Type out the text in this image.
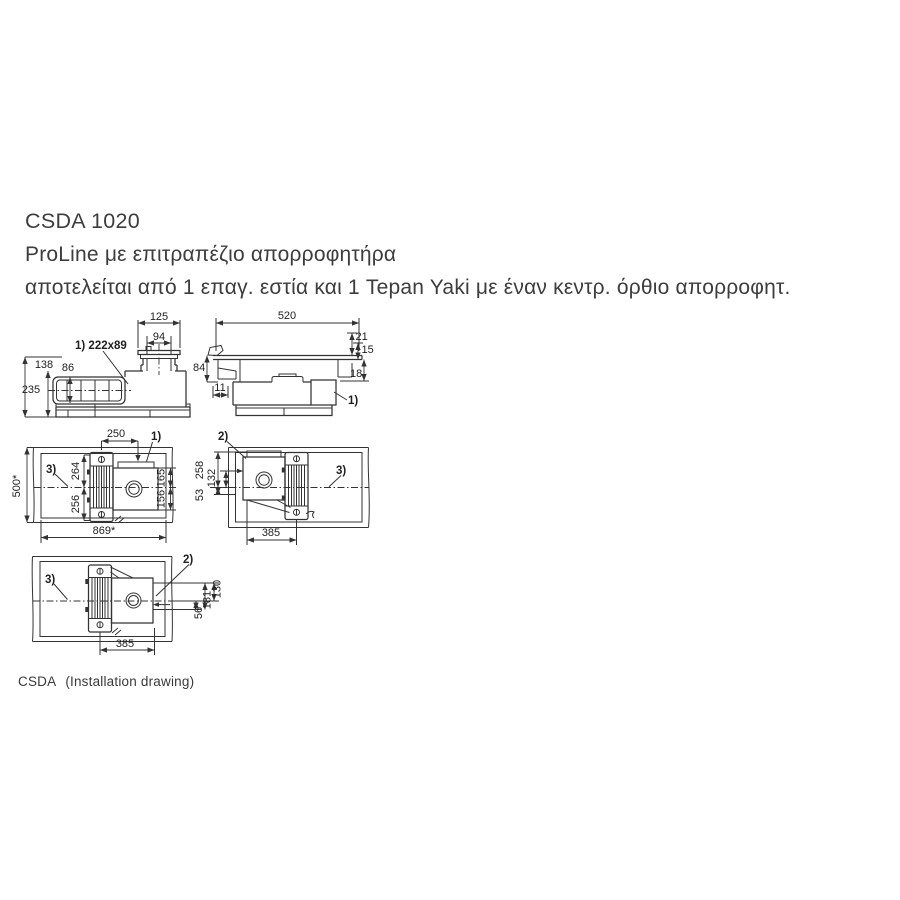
CSDA 1020
ProLine με επιτραπέζιο απορροφητήρα
αποτελείται από 1 επαγ. εστία και 1 Tepan Yaki με έναν κεντρ. όρθιο απορροφητ.
125
94
1) 222x89
86
138
235
520
21
15
18
84
11
1)
250 1)
3) 264
256
165
156
500*
869*
2)
3)
258 132
53
385
2)
3)	130
181
56
385
CSDA (Installation drawing)
